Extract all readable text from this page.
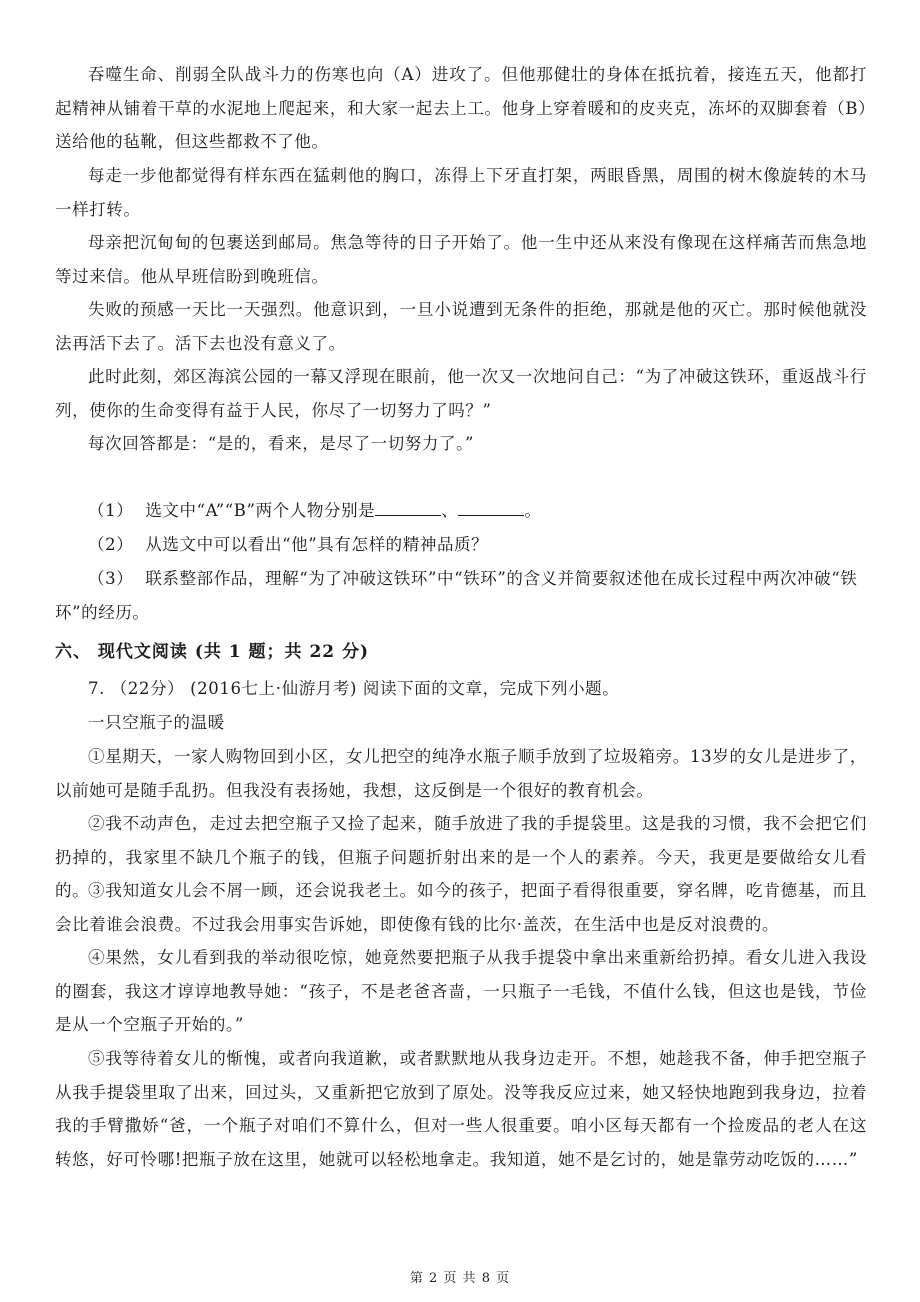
吞噬生命、削弱全队战斗力的伤寒也向（A）进攻了。但他那健壮的身体在抵抗着，接连五天，他都打起精神从铺着干草的水泥地上爬起来，和大家一起去上工。他身上穿着暖和的皮夹克，冻坏的双脚套着（B）送给他的毡靴，但这些都救不了他。

每走一步他都觉得有样东西在猛刺他的胸口，冻得上下牙直打架，两眼昏黑，周围的树木像旋转的木马一样打转。

母亲把沉甸甸的包裹送到邮局。焦急等待的日子开始了。他一生中还从来没有像现在这样痛苦而焦急地等过来信。他从早班信盼到晚班信。

失败的预感一天比一天强烈。他意识到，一旦小说遭到无条件的拒绝，那就是他的灭亡。那时候他就没法再活下去了。活下去也没有意义了。

此时此刻，郊区海滨公园的一幕又浮现在眼前，他一次又一次地问自己：“为了冲破这铁环，重返战斗行列，使你的生命变得有益于人民，你尽了一切努力了吗？”

每次回答都是：“是的，看来，是尽了一切努力了。”

（1） 选文中“A”“B”两个人物分别是	、	。

（2） 从选文中可以看出“他”具有怎样的精神品质？

（3） 联系整部作品，理解“为了冲破这铁环”中“铁环”的含义并简要叙述他在成长过程中两次冲破“铁环”的经历。

六、 现代文阅读 (共 1 题；共 22 分)

7. （22分） (2016七上·仙游月考) 阅读下面的文章，完成下列小题。

一只空瓶子的温暖

①星期天，一家人购物回到小区，女儿把空的纯净水瓶子顺手放到了垃圾箱旁。13岁的女儿是进步了，以前她可是随手乱扔。但我没有表扬她，我想，这反倒是一个很好的教育机会。

②我不动声色，走过去把空瓶子又捡了起来，随手放进了我的手提袋里。这是我的习惯，我不会把它们扔掉的，我家里不缺几个瓶子的钱，但瓶子问题折射出来的是一个人的素养。今天，我更是要做给女儿看的。

③我知道女儿会不屑一顾，还会说我老土。如今的孩子，把面子看得很重要，穿名牌，吃肯德基，而且会比着谁会浪费。不过我会用事实告诉她，即使像有钱的比尔·盖茨，在生活中也是反对浪费的。

④果然，女儿看到我的举动很吃惊，她竟然要把瓶子从我手提袋中拿出来重新给扔掉。看女儿进入我设的圈套，我这才谆谆地教导她：“孩子，不是老爸吝啬，一只瓶子一毛钱，不值什么钱，但这也是钱，节俭是从一个空瓶子开始的。”

⑤我等待着女儿的惭愧，或者向我道歉，或者默默地从我身边走开。不想，她趁我不备，伸手把空瓶子从我手提袋里取了出来，回过头，又重新把它放到了原处。没等我反应过来，她又轻快地跑到我身边，拉着我的手臂撒娇“爸，一个瓶子对咱们不算什么，但对一些人很重要。咱小区每天都有一个捡废品的老人在这转悠，好可怜哪!把瓶子放在这里，她就可以轻松地拿走。我知道，她不是乞讨的，她是靠劳动吃饭的……”

第 2 页 共 8 页
